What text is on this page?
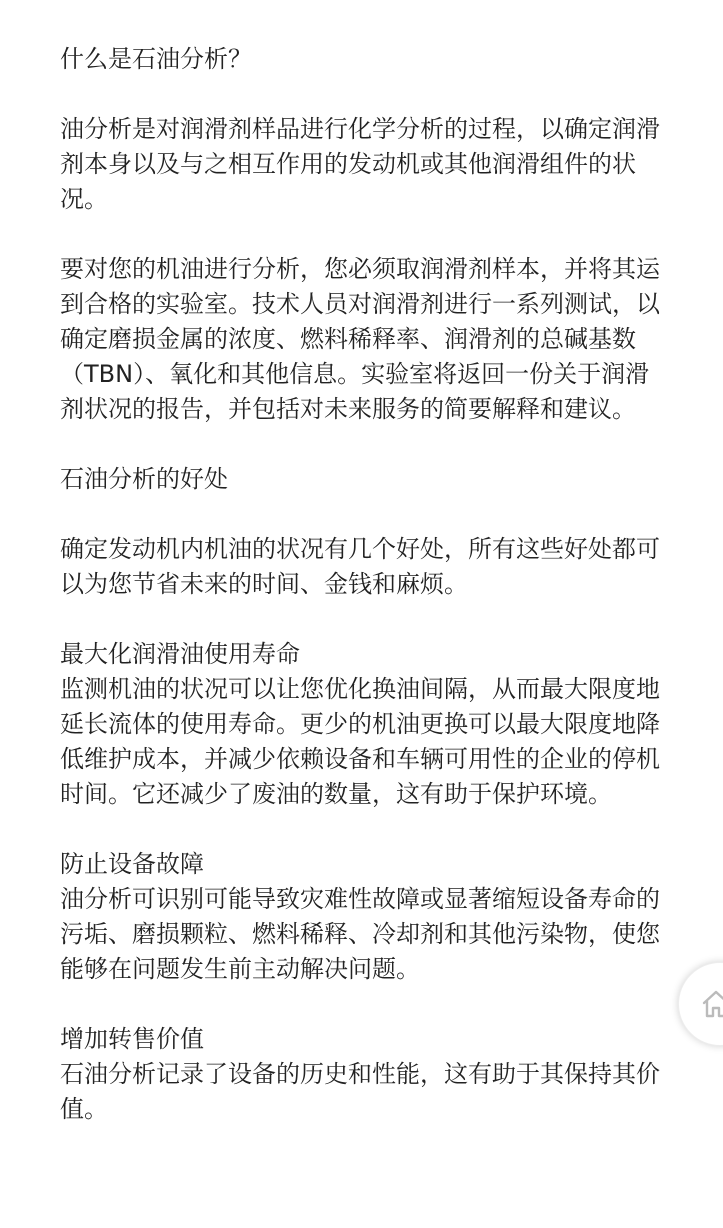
什么是石油分析？

油分析是对润滑剂样品进行化学分析的过程，以确定润滑剂本身以及与之相互作用的发动机或其他润滑组件的状况。

要对您的机油进行分析，您必须取润滑剂样本，并将其运到合格的实验室。技术人员对润滑剂进行一系列测试，以确定磨损金属的浓度、燃料稀释率、润滑剂的总碱基数（TBN）、氧化和其他信息。实验室将返回一份关于润滑剂状况的报告，并包括对未来服务的简要解释和建议。

石油分析的好处

确定发动机内机油的状况有几个好处，所有这些好处都可以为您节省未来的时间、金钱和麻烦。

最大化润滑油使用寿命

监测机油的状况可以让您优化换油间隔，从而最大限度地延长流体的使用寿命。更少的机油更换可以最大限度地降低维护成本，并减少依赖设备和车辆可用性的企业的停机时间。它还减少了废油的数量，这有助于保护环境。

防止设备故障

油分析可识别可能导致灾难性故障或显著缩短设备寿命的污垢、磨损颗粒、燃料稀释、冷却剂和其他污染物，使您能够在问题发生前主动解决问题。

增加转售价值

石油分析记录了设备的历史和性能，这有助于其保持其价值。
